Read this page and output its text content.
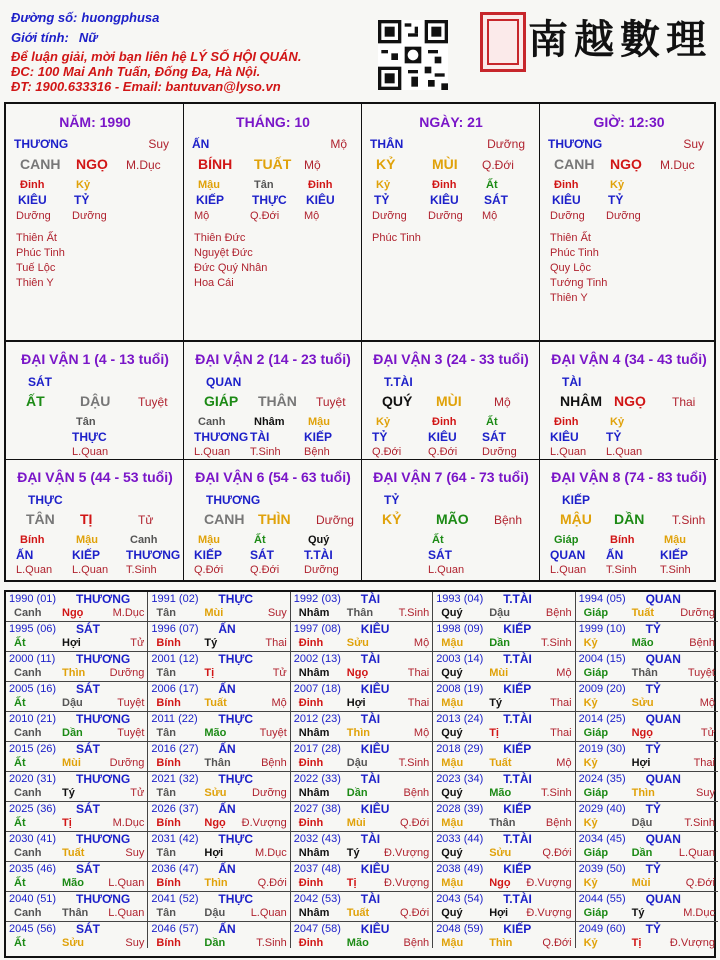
Đường số: huongphusa
Giới tính: Nữ
Để luận giải, mời bạn liên hệ LÝ SỐ HỘI QUÁN.
ĐC: 100 Mai Anh Tuấn, Đống Đa, Hà Nội.
ĐT: 1900.633316 - Email: bantuvan@lyso.vn
南越數理
NĂM: 1990
THƯƠNG	Suy
CANH NGỌ M.Dục
Đinh
KIÊU
Dưỡng
Kỷ
TỶ
Dưỡng
Thiên Ất
Phúc Tinh
Tuế Lộc
Thiên Y
THÁNG: 10
ẤN	Mộ
BÍNH TUẤT Mộ
Mậu
KIẾP
Mộ
Tân
THỰC
Q.Đới
Đinh
KIÊU
Mộ
Thiên Đức
Nguyệt Đức
Đức Quý Nhân
Hoa Cái
NGÀY: 21
THÂN	Dưỡng
KỶ	MÙI Q.Đới
Kỷ
TỶ
Dưỡng
Đinh
KIÊU
Dưỡng
Ất
SÁT
Mộ
Phúc Tinh
GIỜ: 12:30
THƯƠNG	Suy
CANH NGỌ M.Dục
Đinh
KIÊU
Dưỡng
Kỷ
TỶ
Dưỡng
Thiên Ất
Phúc Tinh
Quy Lộc
Tướng Tinh
Thiên Y
ĐẠI VẬN 1 (4 - 13 tuổi)
SÁT
ẤT	DẬU Tuyệt
Tân
THỰC
L.Quan
ĐẠI VẬN 2 (14 - 23 tuổi)
QUAN
GIÁP THÂN Tuyệt
Canh
THƯƠNG
L.Quan
Nhâm
TÀI
T.Sinh
Mậu
KIẾP
Bệnh
ĐẠI VẬN 3 (24 - 33 tuổi)
T.TÀI
QUÝ MÙI	Mộ
Kỷ
TỶ
Q.Đới
Đinh
KIÊU
Q.Đới
Ất
SÁT
Dưỡng
ĐẠI VẬN 4 (34 - 43 tuổi)
TÀI
NHÂM NGỌ Thai
Đinh
KIÊU
L.Quan
Kỷ
TỶ
L.Quan
ĐẠI VẬN 5 (44 - 53 tuổi)
THỰC
TÂN TỊ	Tử
Bính
ẤN
L.Quan
Mậu
KIẾP
L.Quan
Canh
THƯƠNG
T.Sinh
ĐẠI VẬN 6 (54 - 63 tuổi)
THƯƠNG
CANH THÌN Dưỡng
Mậu
KIẾP
Q.Đới
Ất
SÁT
Q.Đới
Quý
T.TÀI
Dưỡng
ĐẠI VẬN 7 (64 - 73 tuổi)
TỶ
KỶ MÃO Bệnh
Ất
SÁT
L.Quan
ĐẠI VẬN 8 (74 - 83 tuổi)
KIẾP
MẬU DẦN T.Sinh
Giáp
QUAN
L.Quan
Bính
ẤN
T.Sinh
Mậu
KIẾP
T.Sinh
1990 (01) THƯƠNG
Canh Ngọ	M.Dục
1991 (02) THỰC
Tân	Mùi	Suy
1992 (03) TÀI
Nhâm Thân T.Sinh
1993 (04) T.TÀI
Quý Dậu	Bệnh
1994 (05) QUAN
Giáp Tuất Dưỡng
1995 (06) SÁT
Ất	Hợi	Tử
1996 (07) ẤN
Bính Tý	Thai
1997 (08) KIÊU
Đinh Sửu	Mộ
1998 (09) KIẾP
Mậu Dần	T.Sinh
1999 (10) TỶ
Kỷ	Mão	Bệnh
2000 (11) THƯƠNG
Canh Thìn Dưỡng
2001 (12) THỰC
Tân	Tị	Tử
2002 (13) TÀI
Nhâm Ngọ	Thai
2003 (14) T.TÀI
Quý Mùi	Mộ
2004 (15) QUAN
Giáp Thân	Tuyệt
2005 (16) SÁT
Ất	Dậu	Tuyệt
2006 (17) ẤN
Bính Tuất	Mộ
2007 (18) KIÊU
Đinh Hợi	Thai
2008 (19) KIẾP
Mậu Tý	Thai
2009 (20) TỶ
Kỷ	Sửu	Mộ
2010 (21) THƯƠNG
Canh Dần	Tuyệt
2011 (22) THỰC
Tân	Mão	Tuyệt
2012 (23) TÀI
Nhâm Thìn	Mộ
2013 (24) T.TÀI
Quý Tị	Thai
2014 (25) QUAN
Giáp Ngọ	Tử
2015 (26) SÁT
Ất	Mùi	Dưỡng
2016 (27) ẤN
Bính Thân	Bệnh
2017 (28) KIÊU
Đinh Dậu	T.Sinh
2018 (29) KIẾP
Mậu Tuất	Mộ
2019 (30) TỶ
Kỷ	Hợi	Thai
2020 (31) THƯƠNG
Canh Tý	Tử
2021 (32) THỰC
Tân	Sửu Dưỡng
2022 (33) TÀI
Nhâm Dần	Bệnh
2023 (34) T.TÀI
Quý Mão	T.Sinh
2024 (35) QUAN
Giáp Thìn	Suy
2025 (36) SÁT
Ất	Tị	M.Dục
2026 (37) ẤN
Bính Ngọ Đ.Vượng
2027 (38) KIÊU
Đinh Mùi	Q.Đới
2028 (39) KIẾP
Mậu Thân	Bệnh
2029 (40) TỶ
Kỷ	Dậu	T.Sinh
2030 (41) THƯƠNG
Canh Tuất	Suy
2031 (42) THỰC
Tân	Hợi	M.Dục
2032 (43) TÀI
Nhâm Tý Đ.Vượng
2033 (44) T.TÀI
Quý Sửu	Q.Đới
2034 (45) QUAN
Giáp Dần L.Quan
2035 (46) SÁT
Ất	Mão L.Quan
2036 (47) ẤN
Bính Thìn	Q.Đới
2037 (48) KIÊU
Đinh Tị Đ.Vượng
2038 (49) KIẾP
Mậu Ngọ Đ.Vượng
2039 (50) TỶ
Kỷ	Mùi	Q.Đới
2040 (51) THƯƠNG
Canh Thân L.Quan
2041 (52) THỰC
Tân	Dậu L.Quan
2042 (53) TÀI
Nhâm Tuất	Q.Đới
2043 (54) T.TÀI
Quý Hợi Đ.Vượng
2044 (55) QUAN
Giáp Tý	M.Dục
2045 (56) SÁT
Ất	Sửu	Suy
2046 (57) ẤN
Bính Dần	T.Sinh
2047 (58) KIÊU
Đinh Mão	Bệnh
2048 (59) KIẾP
Mậu Thìn	Q.Đới
2049 (60) TỶ
Kỷ	Tị	Đ.Vượng
